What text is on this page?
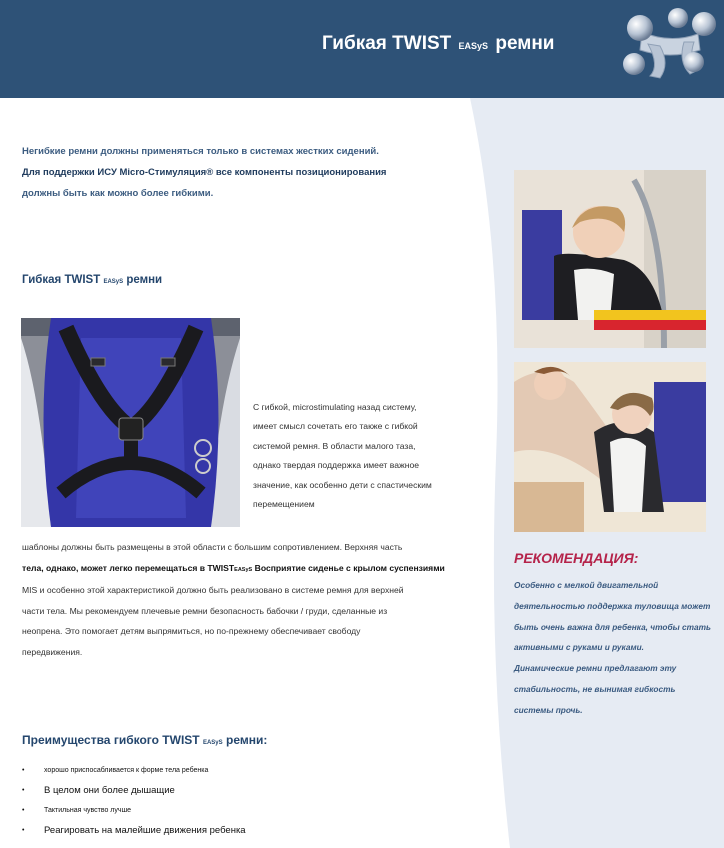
Гибкая TWIST EASyS ремни
Негибкие ремни должны применяться только в системах жестких сидений.
Для поддержки ИСУ Micro-Стимуляция® все компоненты позиционирования
должны быть как можно более гибкими.
Гибкая TWIST EASyS ремни
С гибкой, microstimulating назад систему,
имеет смысл сочетать его также с гибкой
системой ремня. В области малого таза,
однако твердая поддержка имеет важное
значение, как особенно дети с спастическим
перемещением
шаблоны должны быть размещены в этой области с большим сопротивлением. Верхняя часть
тела, однако, может легко перемещаться в TWISTEASyS Восприятие сиденье с крылом суспензиями
MIS и особенно этой характеристикой должно быть реализовано в системе ремня для верхней
части тела. Мы рекомендуем плечевые ремни безопасность бабочки / груди, сделанные из
неопрена. Это помогает детям выпрямиться, но по-прежнему обеспечивает свободу
передвижения.
РЕКОМЕНДАЦИЯ:
Особенно с мелкой двигательной
деятельностью поддержка туловища может
быть очень важна для ребенка, чтобы стать
активными с руками и руками.
Динамические ремни предлагают эту
стабильность, не вынимая гибкость
системы прочь.
Преимущества гибкого TWIST EASyS ремни:
•	хорошо приспосабливается к форме тела ребенка
•	В целом они более дышащие
•	Тактильная чувство лучше
•	Реагировать на малейшие движения ребенка
